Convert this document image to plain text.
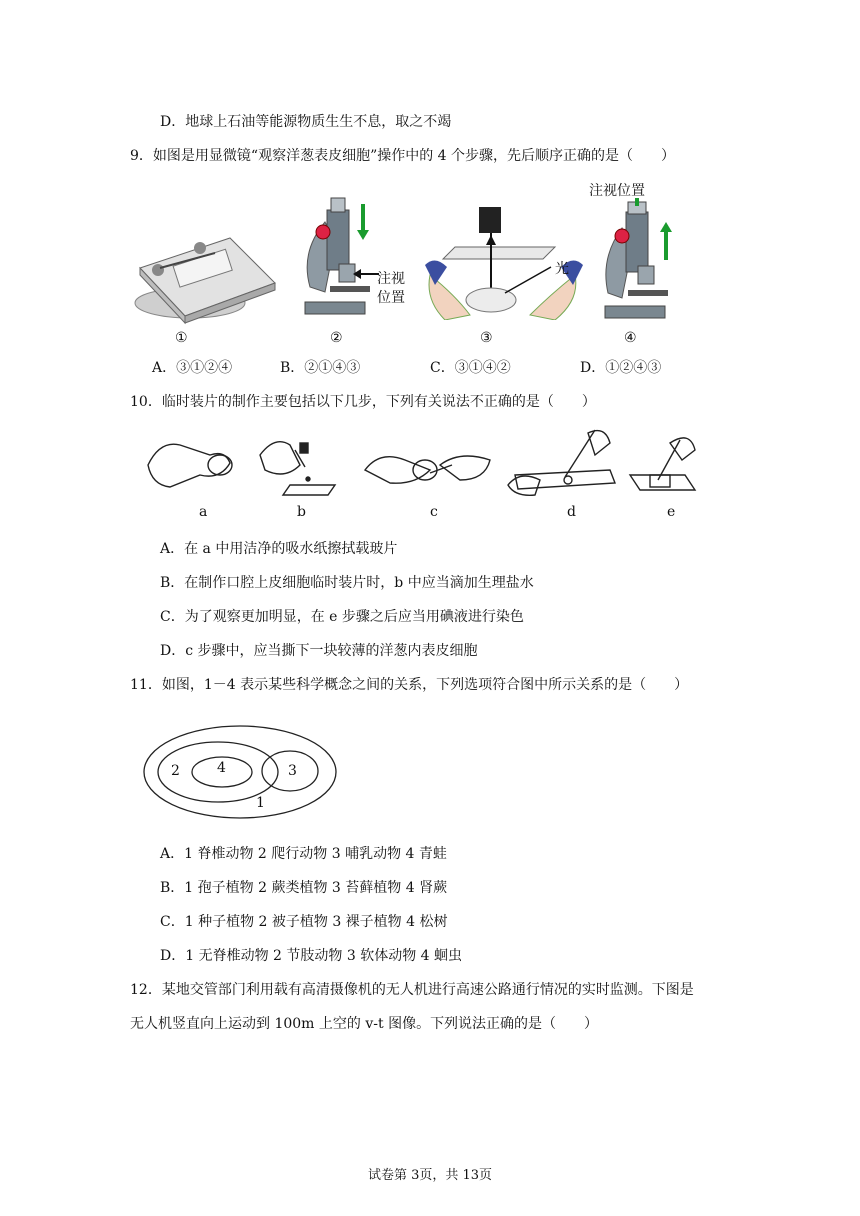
D．地球上石油等能源物质生生不息，取之不竭
9．如图是用显微镜“观察洋葱表皮细胞”操作中的 4 个步骤，先后顺序正确的是（　　）
注视
位置
光
注视位置
①	②	③	④
A．③①②④	B．②①④③	C．③①④②	D．①②④③
10．临时装片的制作主要包括以下几步，下列有关说法不正确的是（　　）
a	b	c	d	e
A．在 a 中用洁净的吸水纸擦拭载玻片
B．在制作口腔上皮细胞临时装片时，b 中应当滴加生理盐水
C．为了观察更加明显，在 e 步骤之后应当用碘液进行染色
D．c 步骤中，应当撕下一块较薄的洋葱内表皮细胞
11．如图，1－4 表示某些科学概念之间的关系，下列选项符合图中所示关系的是（　　）
1
2	3
4
A．1 脊椎动物 2 爬行动物 3 哺乳动物 4 青蛙
B．1 孢子植物 2 蕨类植物 3 苔藓植物 4 肾蕨
C．1 种子植物 2 被子植物 3 裸子植物 4 松树
D．1 无脊椎动物 2 节肢动物 3 软体动物 4 蛔虫
12．某地交管部门利用载有高清摄像机的无人机进行高速公路通行情况的实时监测。下图是
无人机竖直向上运动到 100m 上空的 v-t 图像。下列说法正确的是（　　）
试卷第 3页，共 13页
